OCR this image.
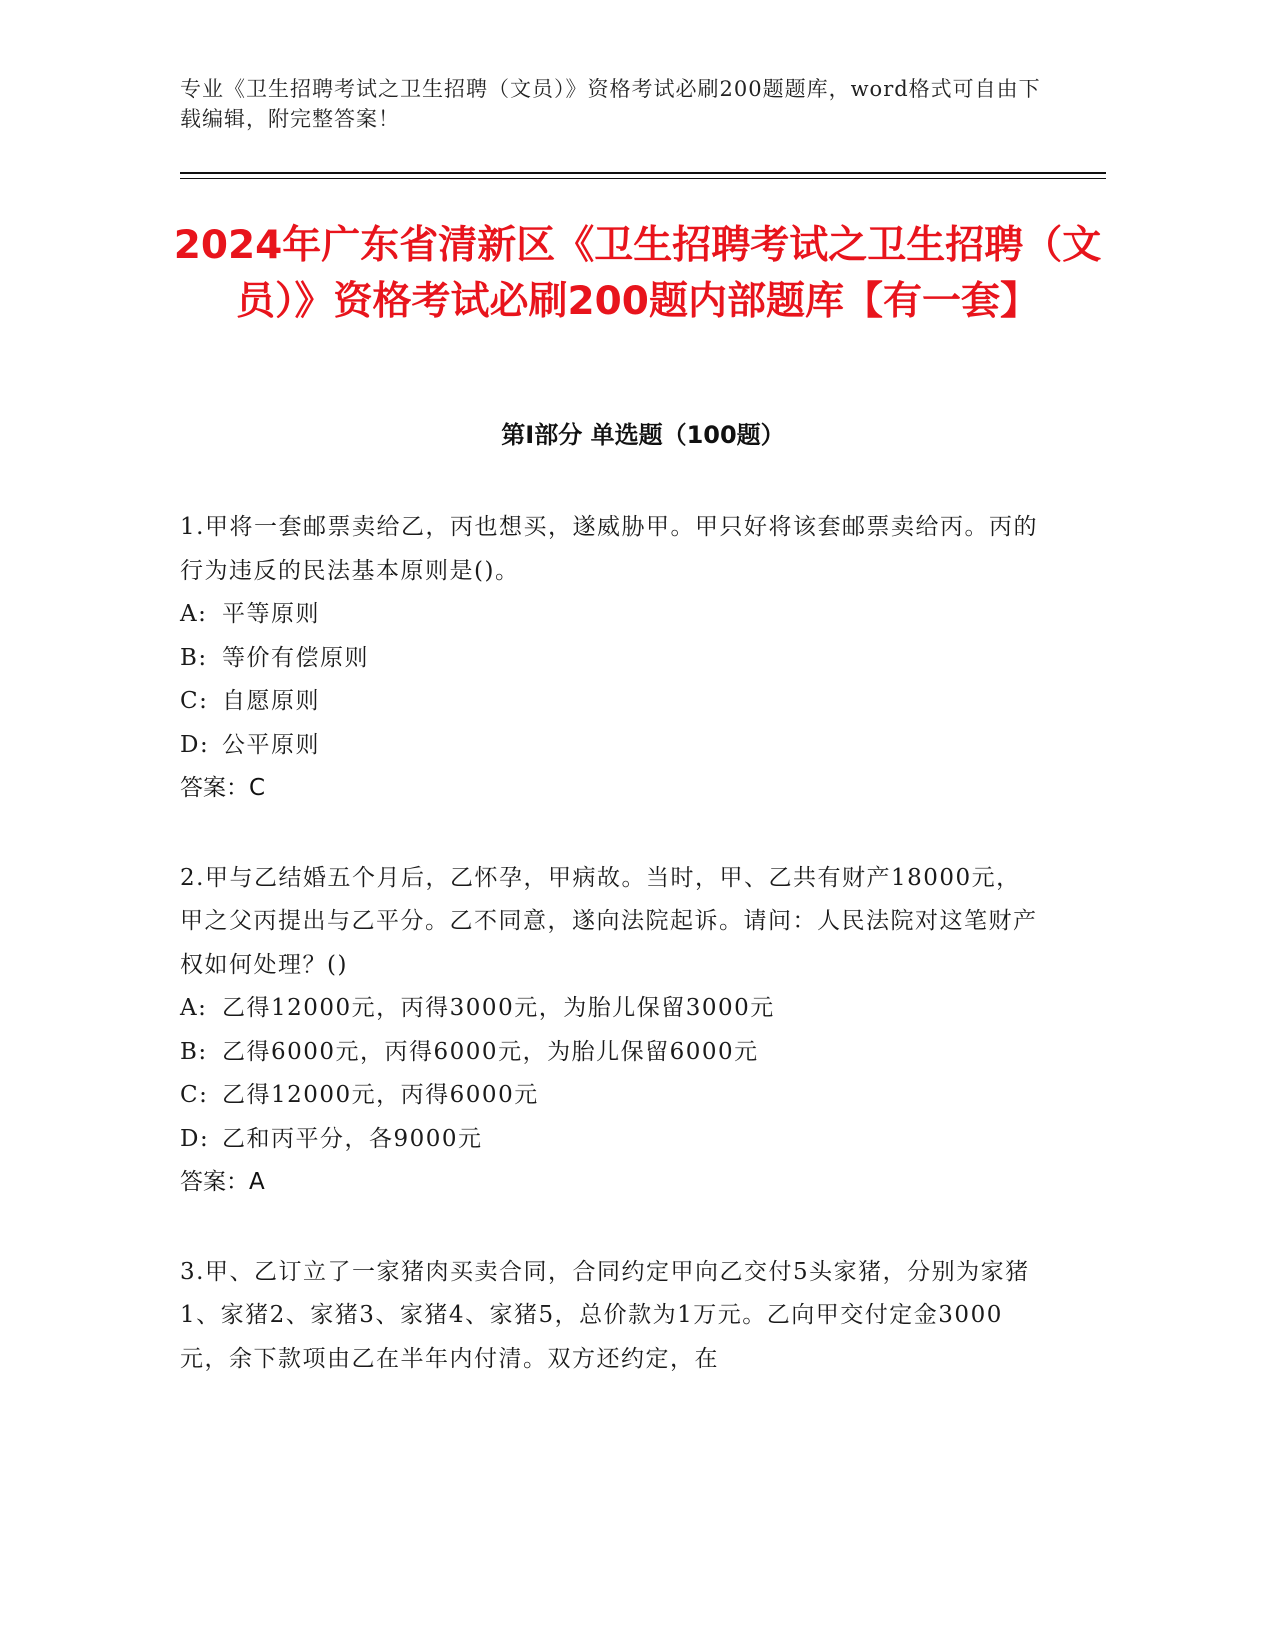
专业《卫生招聘考试之卫生招聘（文员）》资格考试必刷200题题库，word格式可自由下载编辑，附完整答案！
2024年广东省清新区《卫生招聘考试之卫生招聘（文员）》资格考试必刷200题内部题库【有一套】
第Ⅰ部分 单选题（100题）

1.甲将一套邮票卖给乙，丙也想买，遂威胁甲。甲只好将该套邮票卖给丙。丙的行为违反的民法基本原则是()。

A: 平等原则

B: 等价有偿原则

C: 自愿原则

D: 公平原则

答案：C

2.甲与乙结婚五个月后，乙怀孕，甲病故。当时，甲、乙共有财产18000元，甲之父丙提出与乙平分。乙不同意，遂向法院起诉。请问：人民法院对这笔财产权如何处理？()

A: 乙得12000元，丙得3000元，为胎儿保留3000元

B: 乙得6000元，丙得6000元，为胎儿保留6000元

C: 乙得12000元，丙得6000元

D: 乙和丙平分，各9000元

答案：A

3.甲、乙订立了一家猪肉买卖合同，合同约定甲向乙交付5头家猪，分别为家猪1、家猪2、家猪3、家猪4、家猪5，总价款为1万元。乙向甲交付定金3000元，余下款项由乙在半年内付清。双方还约定，在
